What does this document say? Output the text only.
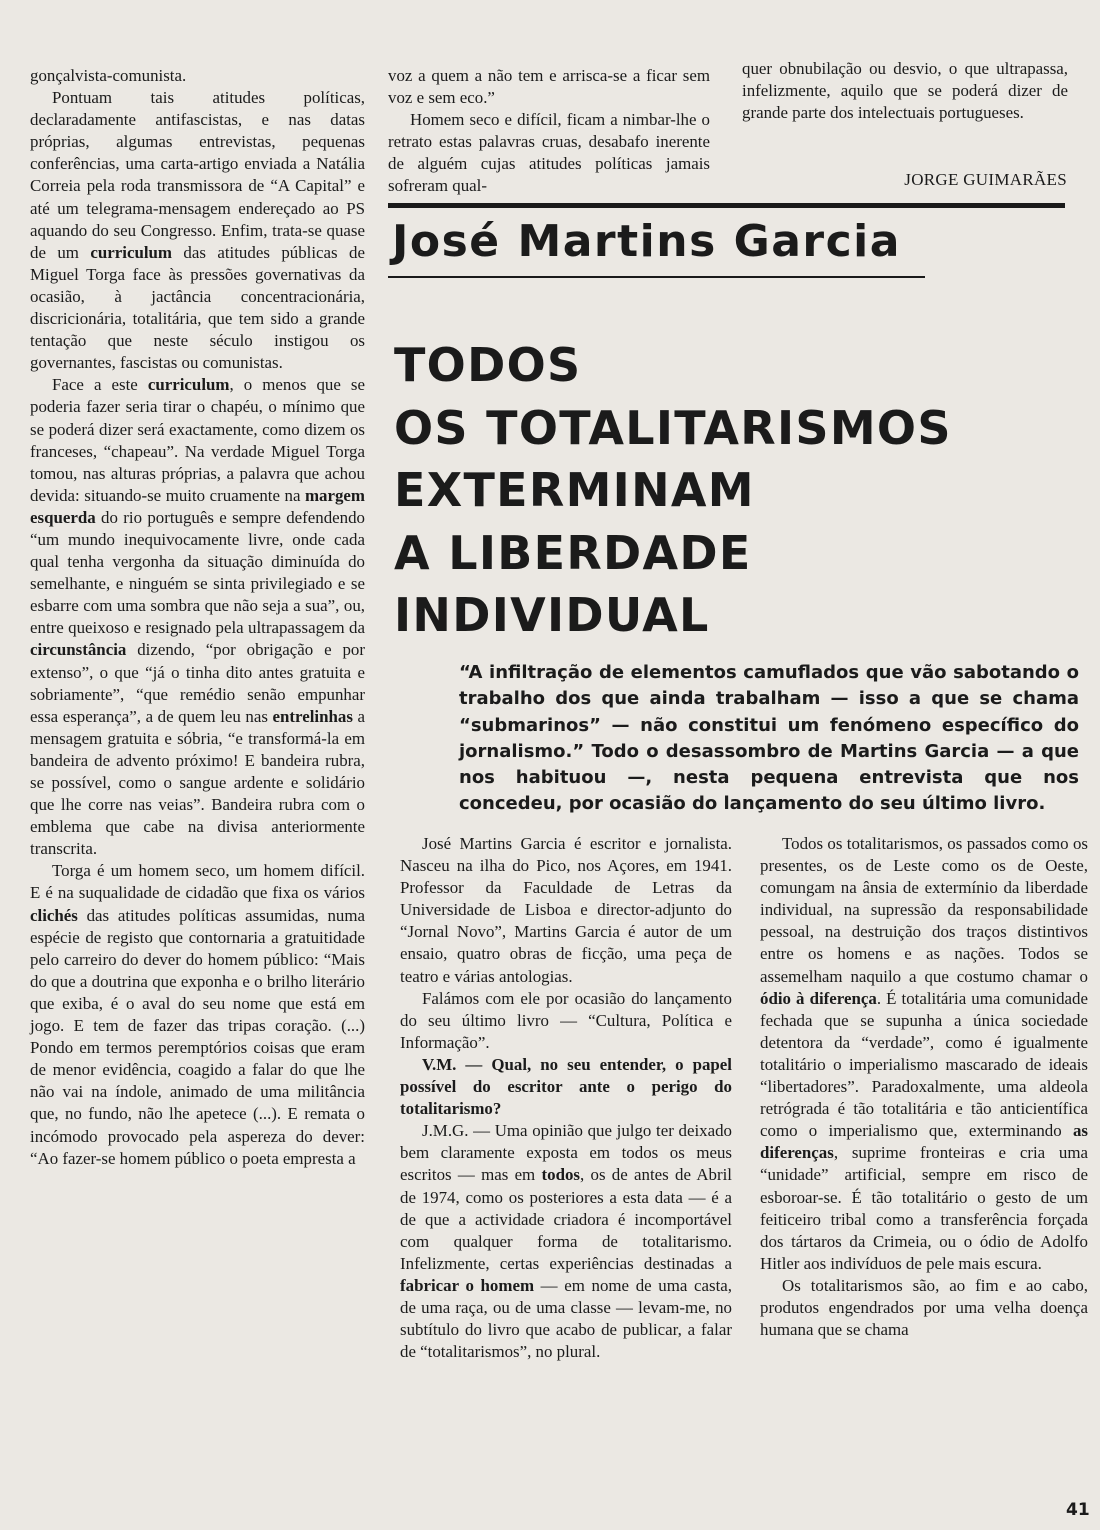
gonçalvista-comunista.

Pontuam tais atitudes políticas, declaradamente antifascistas, e nas datas próprias, algumas entrevistas, pequenas conferências, uma carta-artigo enviada a Natália Correia pela roda transmissora de “A Capital” e até um telegrama-mensagem endereçado ao PS aquando do seu Congresso. Enfim, trata-se quase de um curriculum das atitudes públicas de Miguel Torga face às pressões governativas da ocasião, à jactância concentracionária, discricionária, totalitária, que tem sido a grande tentação que neste século instigou os governantes, fascistas ou comunistas.

Face a este curriculum, o menos que se poderia fazer seria tirar o chapéu, o mínimo que se poderá dizer será exactamente, como dizem os franceses, “chapeau”. Na verdade Miguel Torga tomou, nas alturas próprias, a palavra que achou devida: situando-se muito cruamente na margem esquerda do rio português e sempre defendendo “um mundo inequivocamente livre, onde cada qual tenha vergonha da situação diminuída do semelhante, e ninguém se sinta privilegiado e se esbarre com uma sombra que não seja a sua”, ou, entre queixoso e resignado pela ultrapassagem da circunstância dizendo, “por obrigação e por extenso”, o que “já o tinha dito antes gratuita e sobriamente”, “que remédio senão empunhar essa esperança”, a de quem leu nas entrelinhas a mensagem gratuita e sóbria, “e transformá-la em bandeira de advento próximo! E bandeira rubra, se possível, como o sangue ardente e solidário que lhe corre nas veias”. Bandeira rubra com o emblema que cabe na divisa anteriormente transcrita.

Torga é um homem seco, um homem difícil. E é na suqualidade de cidadão que fixa os vários clichés das atitudes políticas assumidas, numa espécie de registo que contornaria a gratuitidade pelo carreiro do dever do homem público: “Mais do que a doutrina que exponha e o brilho literário que exiba, é o aval do seu nome que está em jogo. E tem de fazer das tripas coração. (...) Pondo em termos peremptórios coisas que eram de menor evidência, coagido a falar do que lhe não vai na índole, animado de uma militância que, no fundo, não lhe apetece (...). E remata o incómodo provocado pela aspereza do dever: “Ao fazer-se homem público o poeta empresta a

voz a quem a não tem e arrisca-se a ficar sem voz e sem eco.”

Homem seco e difícil, ficam a nimbar-lhe o retrato estas palavras cruas, desabafo inerente de alguém cujas atitudes políticas jamais sofreram qual-

quer obnubilação ou desvio, o que ultrapassa, infelizmente, aquilo que se poderá dizer de grande parte dos intelectuais portugueses.

JORGE GUIMARÃES
José Martins Garcia
TODOS
OS TOTALITARISMOS
EXTERMINAM
A LIBERDADE
INDIVIDUAL
“A infiltração de elementos camuflados que vão sabotando o trabalho dos que ainda trabalham — isso a que se chama “submarinos” — não constitui um fenómeno específico do jornalismo.” Todo o desassombro de Martins Garcia — a que nos habituou —, nesta pequena entrevista que nos concedeu, por ocasião do lançamento do seu último livro.

José Martins Garcia é escritor e jornalista. Nasceu na ilha do Pico, nos Açores, em 1941. Professor da Faculdade de Letras da Universidade de Lisboa e director-adjunto do “Jornal Novo”, Martins Garcia é autor de um ensaio, quatro obras de ficção, uma peça de teatro e várias antologias.

Falámos com ele por ocasião do lançamento do seu último livro — “Cultura, Política e Informação”.

V.M. — Qual, no seu entender, o papel possível do escritor ante o perigo do totalitarismo?

J.M.G. — Uma opinião que julgo ter deixado bem claramente exposta em todos os meus escritos — mas em todos, os de antes de Abril de 1974, como os posteriores a esta data — é a de que a actividade criadora é incomportável com qualquer forma de totalitarismo. Infelizmente, certas experiências destinadas a fabricar o homem — em nome de uma casta, de uma raça, ou de uma classe — levam-me, no subtítulo do livro que acabo de publicar, a falar de “totalitarismos”, no plural.

Todos os totalitarismos, os passados como os presentes, os de Leste como os de Oeste, comungam na ânsia de extermínio da liberdade individual, na supressão da responsabilidade pessoal, na destruição dos traços distintivos entre os homens e as nações. Todos se assemelham naquilo a que costumo chamar o ódio à diferença. É totalitária uma comunidade fechada que se supunha a única sociedade detentora da “verdade”, como é igualmente totalitário o imperialismo mascarado de ideais “libertadores”. Paradoxalmente, uma aldeola retrógrada é tão totalitária e tão anticientífica como o imperialismo que, exterminando as diferenças, suprime fronteiras e cria uma “unidade” artificial, sempre em risco de esboroar-se. É tão totalitário o gesto de um feiticeiro tribal como a transferência forçada dos tártaros da Crimeia, ou o ódio de Adolfo Hitler aos indivíduos de pele mais escura.

Os totalitarismos são, ao fim e ao cabo, produtos engendrados por uma velha doença humana que se chama

41
